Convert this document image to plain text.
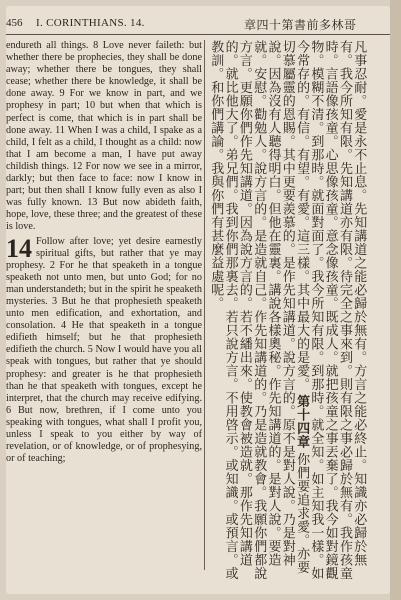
456 I. CORINTHIANS. 14.	章四十第書前多林哥

endureth all things. 8 Love never faileth: but whether there be prophecies, they shall be done away; whether there be tongues, they shall cease; whether there be knowledge, it shall be done away. 9 For we know in part, and we prophesy in part; 10 but when that which is perfect is come, that which is in part shall be done away. 11 When I was a child, I spake as a child, I felt as a child, I thought as a child: now that I am become a man, I have put away childish things. 12 For now we see in a mirror, darkly; but then face to face: now I know in part; but then shall I know fully even as also I was fully known. 13 But now abideth faith, hope, love, these three; and the greatest of these is love.

14 Follow after love; yet desire earnestly spiritual gifts, but rather that ye may prophesy. 2 For he that speaketh in a tongue speaketh not unto men, but unto God; for no man understandeth; but in the spirit he speaketh mysteries. 3 But he that prophesieth speaketh unto men edification, and exhortation, and consolation. 4 He that speaketh in a tongue edifieth himself; but he that prophesieth edifieth the church. 5 Now I would have you all speak with tongues, but rather that ye should prophesy: and greater is he that prophesieth than he that speaketh with tongues, except he interpret, that the church may receive edifying. 6 But now, brethren, if I come unto you speaking with tongues, what shall I profit you, unless I speak to you either by way of revelation, or of knowledge, or of prophesying, or of teaching;	凡事忍耐。愛是永不止息。先知講道之能必歸於無有。方言之能必終止。知識亦必歸於無有。我今所知有限。先知講道亦有限。待完全之事來到。則有限之事必歸於無有。我作孩童時。言語像孩童。心思像孩童。意念像孩童。既成人。就把孩童之事丟棄了。我今如對鏡觀物。模糊不清。到那時。就面對面了。我今所知有限。到那時。就全知。如主知我一樣。如今常存的。有信。有望。有愛。這三樣。其中最大的是愛。 第十四章 你們要追求愛。亦要切慕屬靈的恩賜。其中更要羨慕的。是作先知講道。說方言的。原不是對人說。乃是對神說。因為沒有人聽得明白。但他在靈裏。講說各樣奧秘。作先知講道的。是對人說。要造就。安慰。勸勉人。說方言的。是造就自己。作先知講道的。乃是造就教會。我願你們都說方言。更願你們作先知講道。因為說方言的。若不繙出來。使教會被造就。那作先知講道的。就比他大了。弟兄們。我到你們那裏去。若只說方言。不用啓示。或知識。或預言。或教訓。和你們講論。我與你們有甚麼益處呢。
